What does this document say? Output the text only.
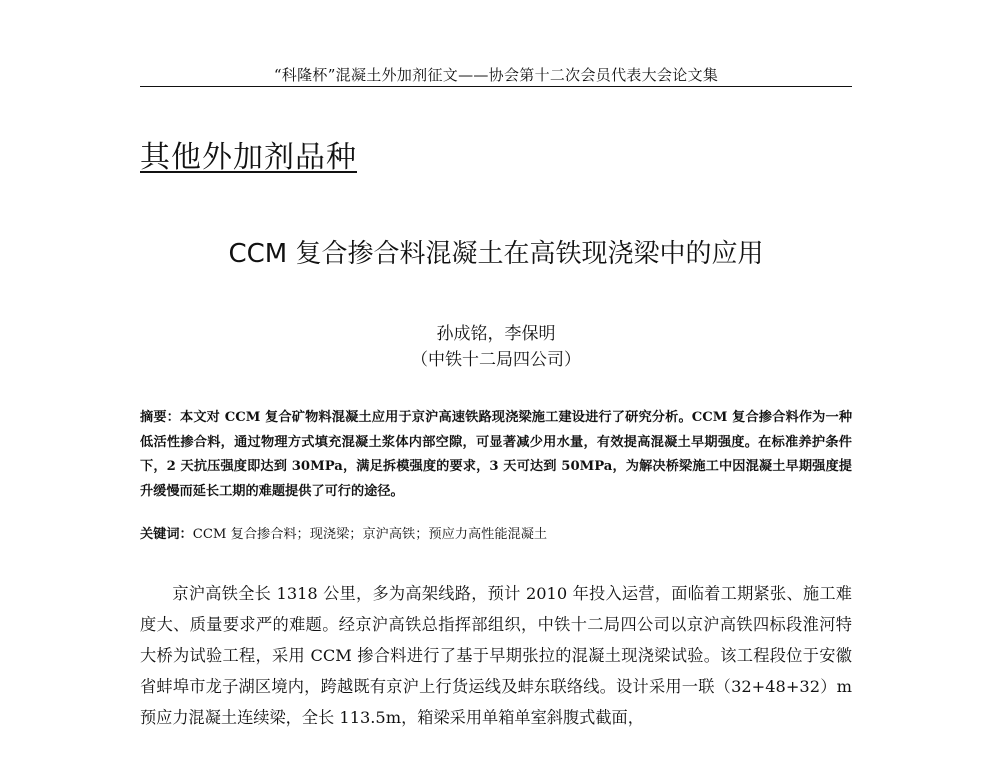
“科隆杯”混凝土外加剂征文——协会第十二次会员代表大会论文集
其他外加剂品种
CCM 复合掺合料混凝土在高铁现浇梁中的应用
孙成铭，李保明
（中铁十二局四公司）
摘要：本文对 CCM 复合矿物料混凝土应用于京沪高速铁路现浇梁施工建设进行了研究分析。CCM 复合掺合料作为一种低活性掺合料，通过物理方式填充混凝土浆体内部空隙，可显著减少用水量，有效提高混凝土早期强度。在标准养护条件下，2 天抗压强度即达到 30MPa，满足拆模强度的要求，3 天可达到 50MPa，为解决桥梁施工中因混凝土早期强度提升缓慢而延长工期的难题提供了可行的途径。
关键词：CCM 复合掺合料；现浇梁；京沪高铁；预应力高性能混凝土

京沪高铁全长 1318 公里，多为高架线路，预计 2010 年投入运营，面临着工期紧张、施工难度大、质量要求严的难题。经京沪高铁总指挥部组织，中铁十二局四公司以京沪高铁四标段淮河特大桥为试验工程，采用 CCM 掺合料进行了基于早期张拉的混凝土现浇梁试验。该工程段位于安徽省蚌埠市龙子湖区境内，跨越既有京沪上行货运线及蚌东联络线。设计采用一联（32+48+32）m 预应力混凝土连续梁，全长 113.5m，箱梁采用单箱单室斜腹式截面，
